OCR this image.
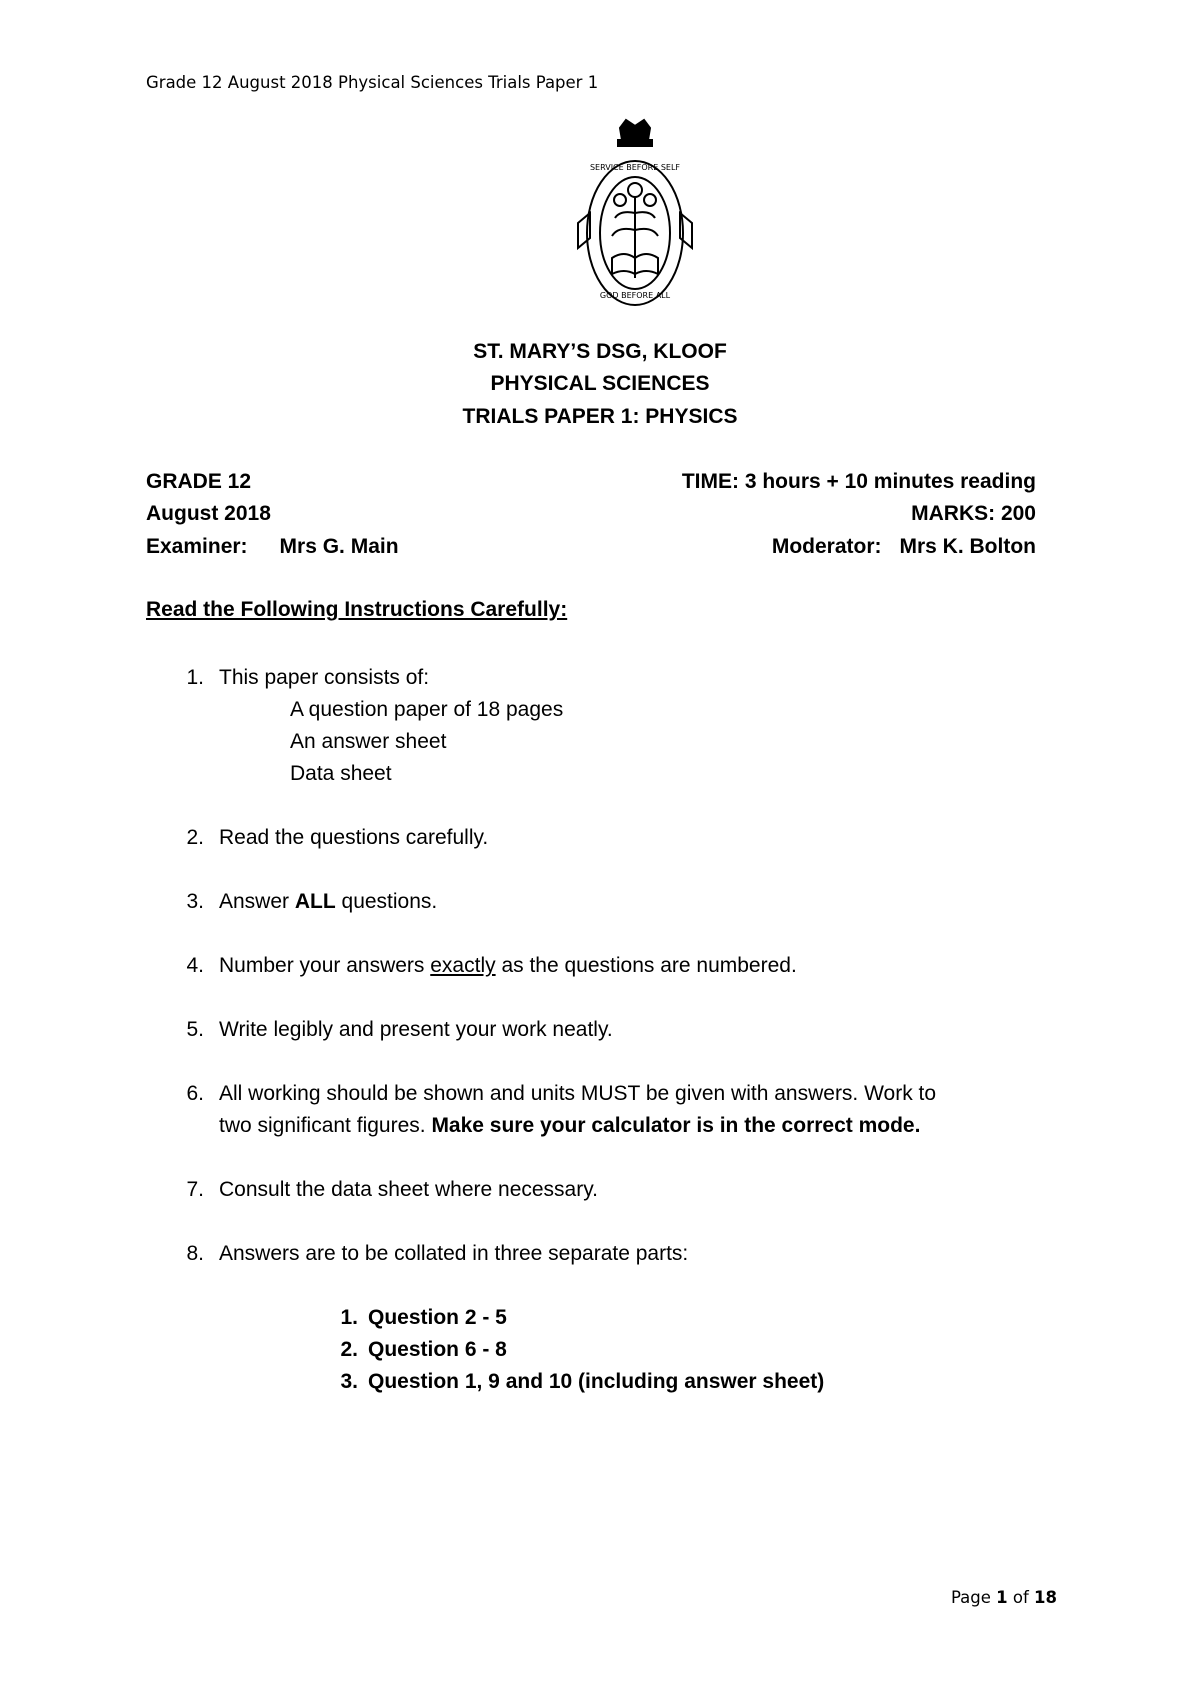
Grade 12 August 2018 Physical Sciences Trials Paper 1
SERVICE BEFORE SELF
GOD BEFORE ALL
ST. MARY’S DSG, KLOOF
PHYSICAL SCIENCES
TRIALS PAPER 1: PHYSICS
GRADE 12	TIME: 3 hours + 10 minutes reading
August 2018	MARKS: 200
Examiner: Mrs G. Main	Moderator: Mrs K. Bolton
Read the Following Instructions Carefully:
1. This paper consists of:
A question paper of 18 pages
An answer sheet
Data sheet
2. Read the questions carefully.
3. Answer ALL questions.
4. Number your answers exactly as the questions are numbered.
5. Write legibly and present your work neatly.
6. All working should be shown and units MUST be given with answers. Work to
two significant figures. Make sure your calculator is in the correct mode.
7. Consult the data sheet where necessary.
8. Answers are to be collated in three separate parts:
1. Question 2 - 5
2. Question 6 - 8
3. Question 1, 9 and 10 (including answer sheet)
Page 1 of 18
